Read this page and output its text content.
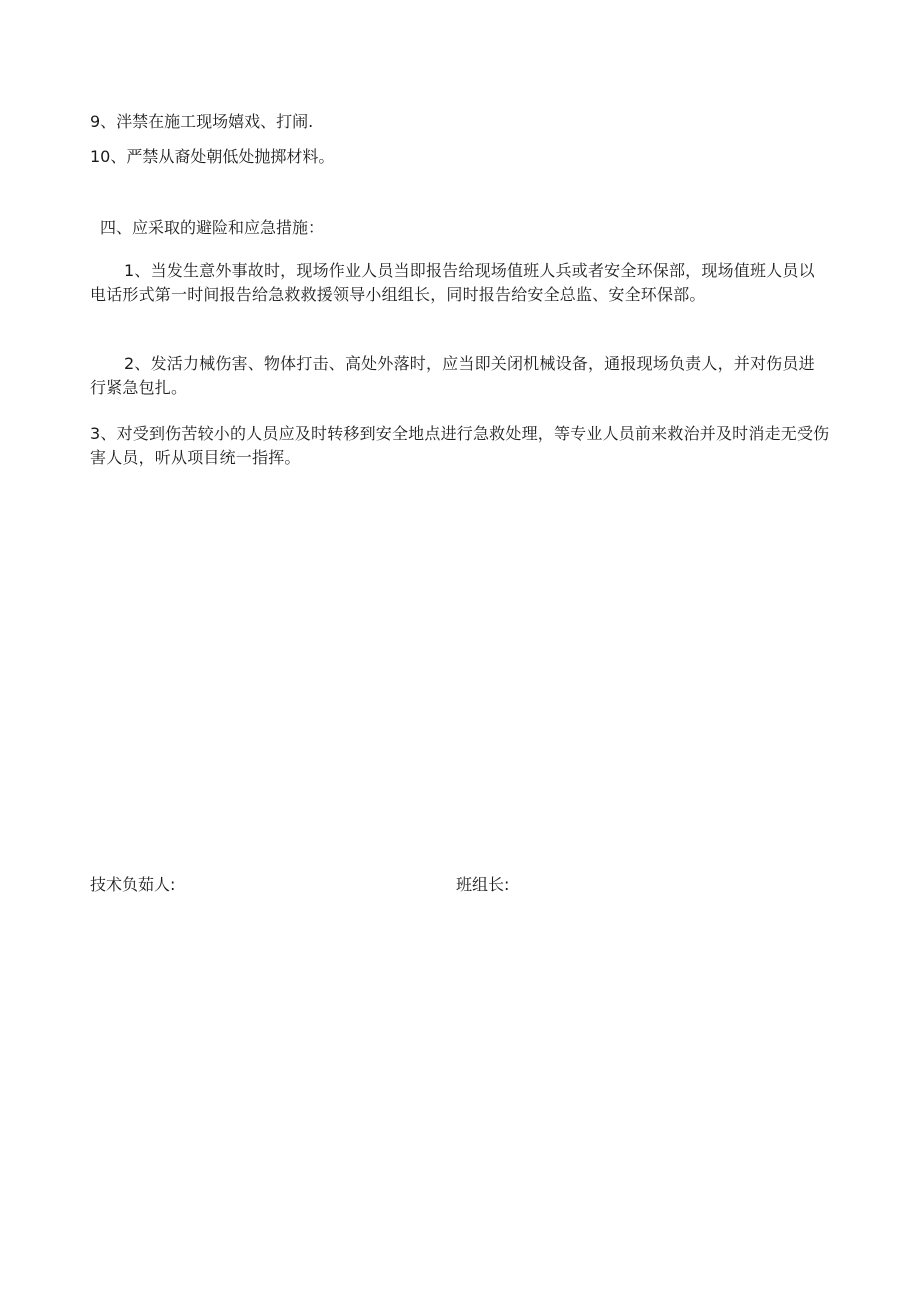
9、泮禁在施工现场嬉戏、打闹.

10、严禁从裔处朝低处抛掷材料。

四、应采取的避险和应急措施：

1、当发生意外事故时，现场作业人员当即报告给现场值班人兵或者安全环保部，现场值班人员以电话形式第一时间报告给急救救援领导小组组长，同时报告给安全总监、安全环保部。

2、发活力械伤害、物体打击、高处外落时，应当即关闭机械设备，通报现场负责人，并对伤员进行紧急包扎。

3、对受到伤苦较小的人员应及时转移到安全地点进行急救处理，等专业人员前来救治并及时消走无受伤害人员，听从项目统一指挥。

技术负茹人:	班组长:
